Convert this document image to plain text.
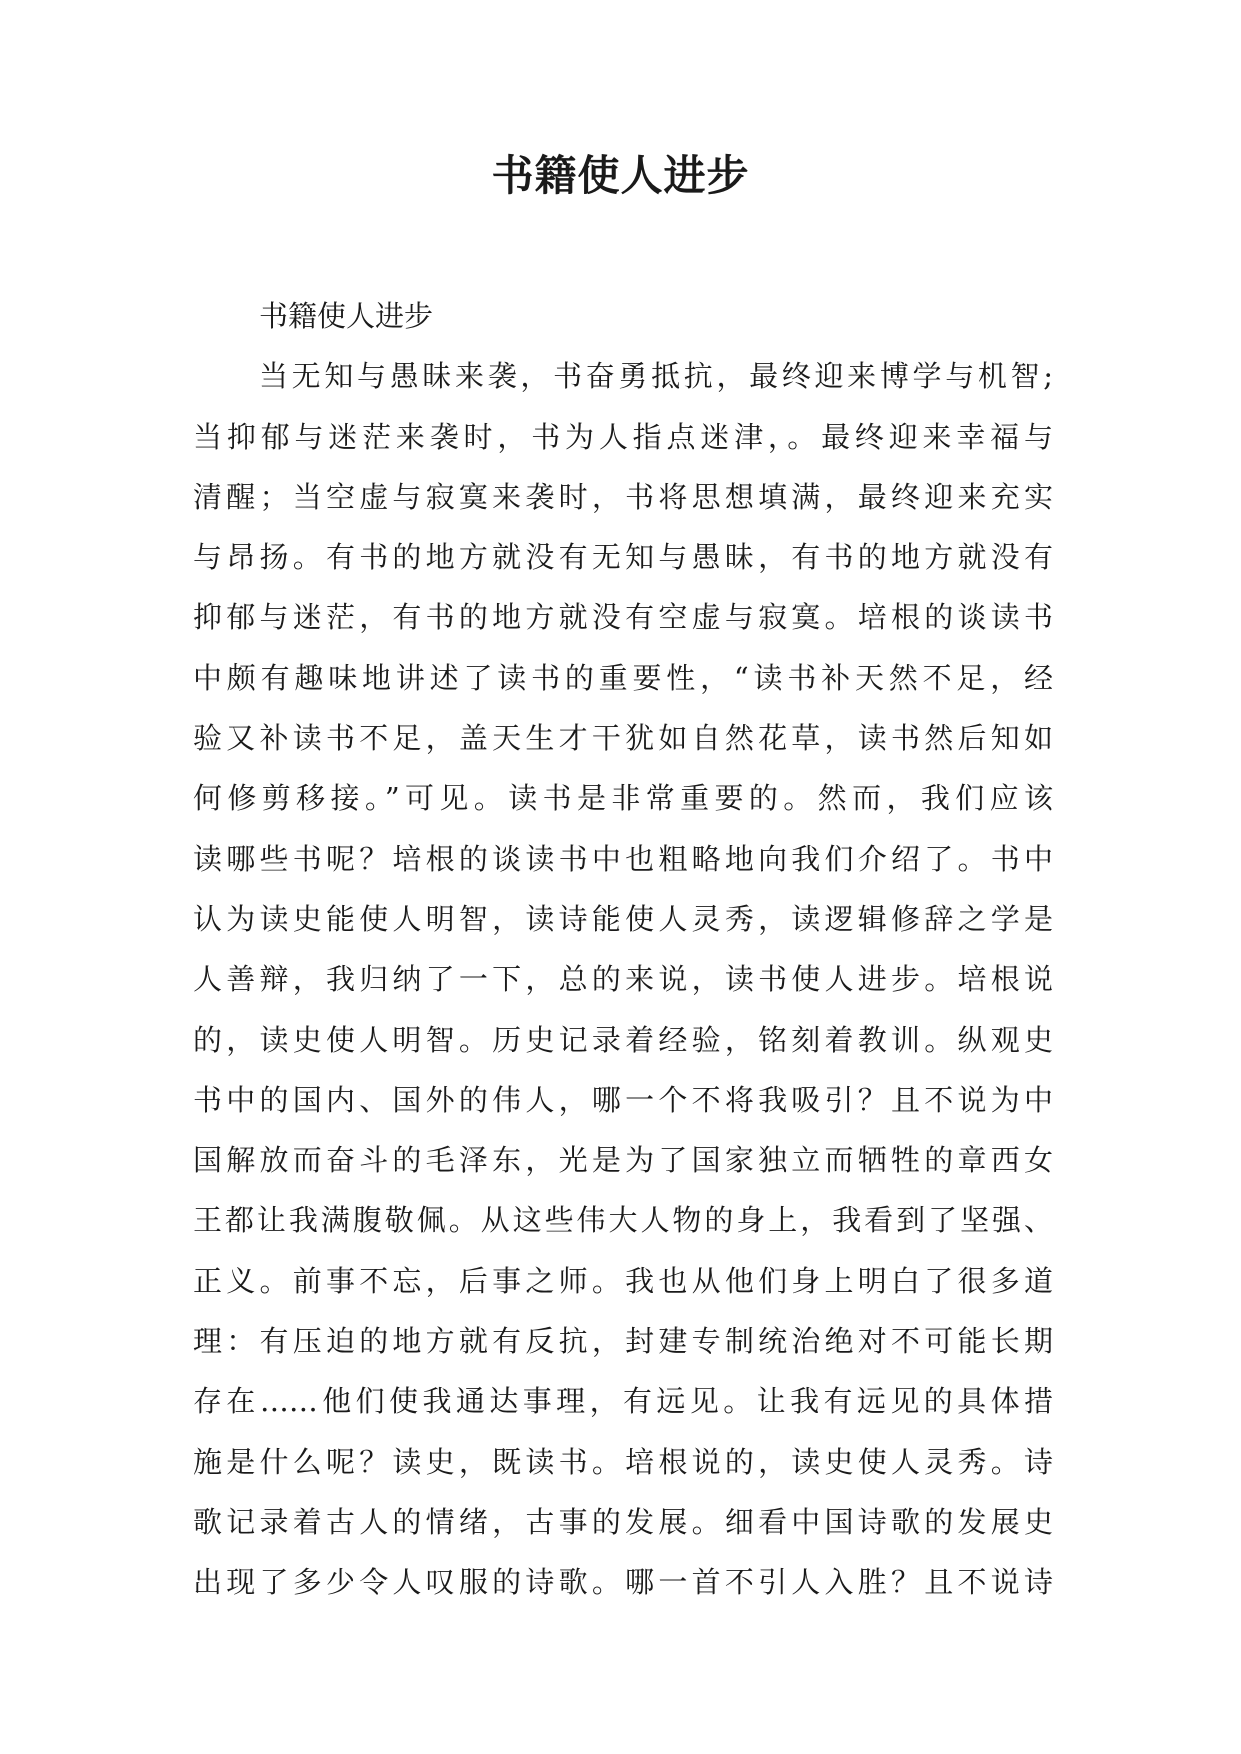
书籍使人进步
书籍使人进步
当无知与愚昧来袭，书奋勇抵抗，最终迎来博学与机智;
当抑郁与迷茫来袭时，书为人指点迷津，。最终迎来幸福与
清醒；当空虚与寂寞来袭时，书将思想填满，最终迎来充实
与昂扬。有书的地方就没有无知与愚昧，有书的地方就没有
抑郁与迷茫，有书的地方就没有空虚与寂寞。培根的谈读书
中颇有趣味地讲述了读书的重要性，“读书补天然不足，经
验又补读书不足，盖天生才干犹如自然花草，读书然后知如
何修剪移接。”可见。读书是非常重要的。然而，我们应该
读哪些书呢？培根的谈读书中也粗略地向我们介绍了。书中
认为读史能使人明智，读诗能使人灵秀，读逻辑修辞之学是
人善辩，我归纳了一下，总的来说，读书使人进步。培根说
的，读史使人明智。历史记录着经验，铭刻着教训。纵观史
书中的国内、国外的伟人，哪一个不将我吸引？且不说为中
国解放而奋斗的毛泽东，光是为了国家独立而牺牲的章西女
王都让我满腹敬佩。从这些伟大人物的身上，我看到了坚强、
正义。前事不忘，后事之师。我也从他们身上明白了很多道
理：有压迫的地方就有反抗，封建专制统治绝对不可能长期
存在……他们使我通达事理，有远见。让我有远见的具体措
施是什么呢？读史，既读书。培根说的，读史使人灵秀。诗
歌记录着古人的情绪，古事的发展。细看中国诗歌的发展史
出现了多少令人叹服的诗歌。哪一首不引人入胜？且不说诗
